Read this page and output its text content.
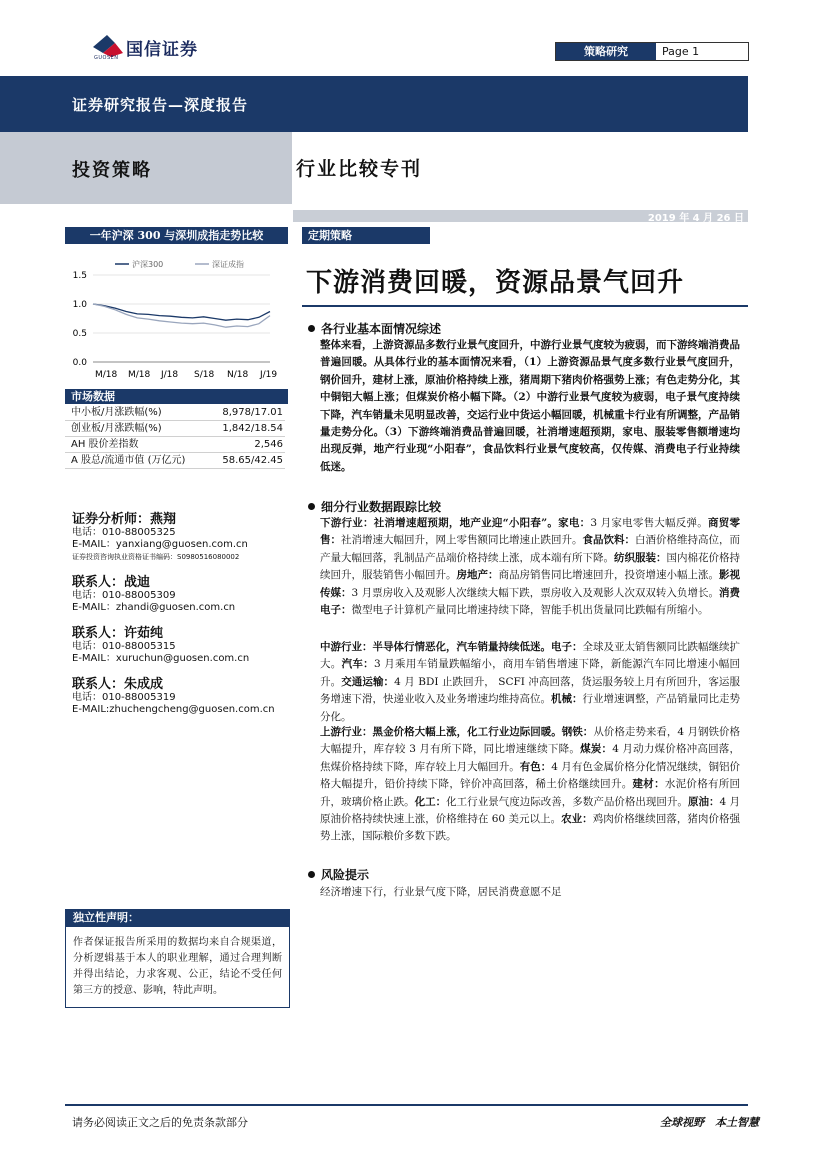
国信证券
GUOSEN	策略研究	Page 1
证券研究报告—深度报告
投资策略	行业比较专刊
2019 年 4 月 26 日
一年沪深 300 与深圳成指走势比较
1.5
1.0
0.5
0.0
M/18 M/18 J/18 S/18 N/18 J/19
沪深300	深证成指
市场数据
中小板/月涨跌幅(%)	8,978/17.01
创业板/月涨跌幅(%)	1,842/18.54
AH 股价差指数	2,546
A 股总/流通市值 (万亿元)	58.65/42.45
证券分析师：燕翔
电话：010-88005325
E-MAIL：yanxiang@guosen.com.cn
证券投资咨询执业资格证书编码：S0980516080002
联系人：战迪
电话：010-88005309
E-MAIL：zhandi@guosen.com.cn
联系人：许茹纯
电话：010-88005315
E-MAIL：xuruchun@guosen.com.cn
联系人：朱成成
电话：010-88005319
E-MAIL:zhuchengcheng@guosen.com.cn
独立性声明：
作者保证报告所采用的数据均来自合规渠道，分析逻辑基于本人的职业理解，通过合理判断并得出结论，力求客观、公正，结论不受任何第三方的授意、影响，特此声明。
定期策略
下游消费回暖，资源品景气回升
各行业基本面情况综述
整体来看，上游资源品多数行业景气度回升，中游行业景气度较为疲弱，而下游终端消费品普遍回暖。从具体行业的基本面情况来看，（1）上游资源品景气度多数行业景气度回升，钢价回升，建材上涨，原油价格持续上涨，猪周期下猪肉价格强势上涨；有色走势分化，其中铜铝大幅上涨；但煤炭价格小幅下降。（2）中游行业景气度较为疲弱，电子景气度持续下降，汽车销量未见明显改善，交运行业中货运小幅回暖，机械重卡行业有所调整，产品销量走势分化。（3）下游终端消费品普遍回暖，社消增速超预期，家电、服装零售额增速均出现反弹，地产行业现“小阳春”，食品饮料行业景气度较高，仅传媒、消费电子行业持续低迷。
细分行业数据跟踪比较
下游行业：社消增速超预期，地产业迎“小阳春”。家电：3 月家电零售大幅反弹。商贸零售：社消增速大幅回升，网上零售额同比增速止跌回升。食品饮料：白酒价格维持高位，而产量大幅回落，乳制品产品端价格持续上涨，成本端有所下降。纺织服装：国内棉花价格持续回升，服装销售小幅回升。房地产：商品房销售同比增速回升，投资增速小幅上涨。影视传媒：3 月票房收入及观影人次继续大幅下跌，票房收入及观影人次双双转入负增长。消费电子：微型电子计算机产量同比增速持续下降，智能手机出货量同比跌幅有所缩小。
中游行业：半导体行情恶化，汽车销量持续低迷。电子：全球及亚太销售额同比跌幅继续扩大。汽车：3 月乘用车销量跌幅缩小，商用车销售增速下降，新能源汽车同比增速小幅回升。交通运输：4 月 BDI 止跌回升， SCFI 冲高回落，货运服务较上月有所回升，客运服务增速下滑，快递业收入及业务增速均维持高位。机械：行业增速调整，产品销量同比走势分化。
上游行业：黑金价格大幅上涨，化工行业边际回暖。钢铁：从价格走势来看，4 月钢铁价格大幅提升，库存较 3 月有所下降，同比增速继续下降。煤炭：4 月动力煤价格冲高回落，焦煤价格持续下降，库存较上月大幅回升。有色：4 月有色金属价格分化情况继续，铜铝价格大幅提升，铅价持续下降，锌价冲高回落，稀土价格继续回升。建材：水泥价格有所回升，玻璃价格止跌。化工：化工行业景气度边际改善，多数产品价格出现回升。原油：4 月原油价格持续快速上涨，价格维持在 60 美元以上。农业：鸡肉价格继续回落，猪肉价格强势上涨，国际粮价多数下跌。
风险提示
经济增速下行，行业景气度下降，居民消费意愿不足
请务必阅读正文之后的免责条款部分	全球视野　本土智慧
